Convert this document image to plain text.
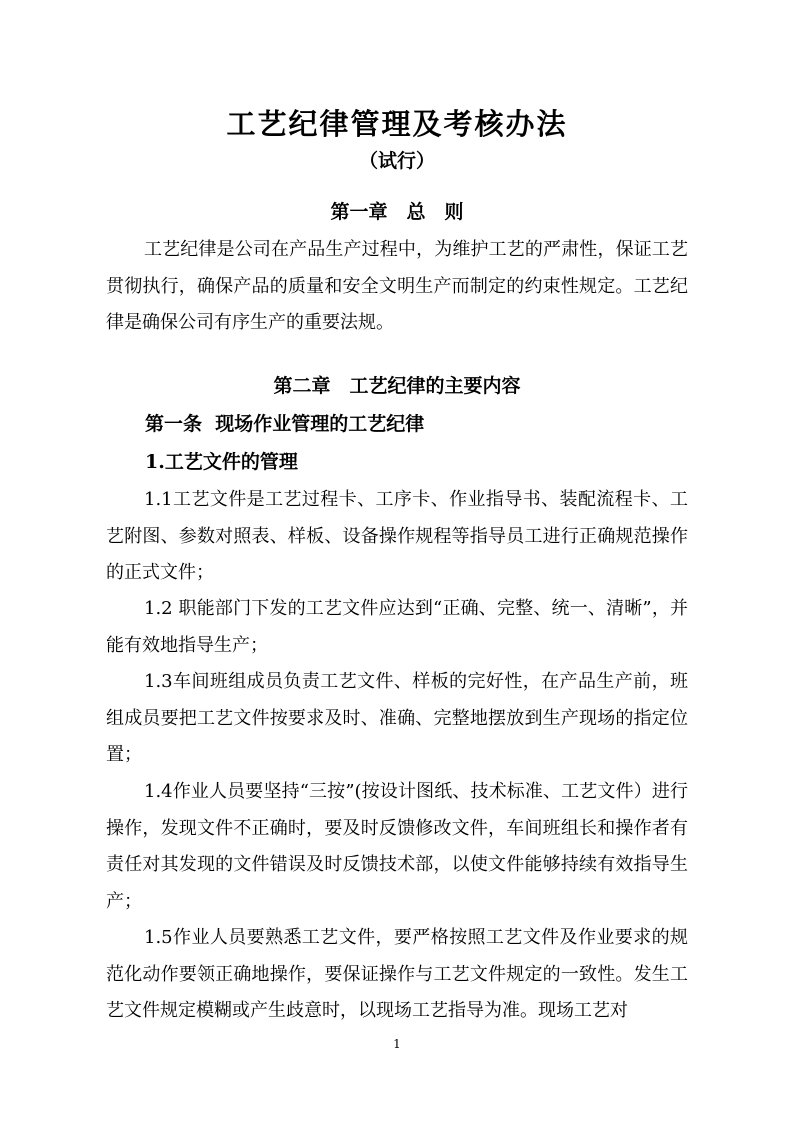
工艺纪律管理及考核办法
（试行）
第一章　总　则

工艺纪律是公司在产品生产过程中，为维护工艺的严肃性，保证工艺贯彻执行，确保产品的质量和安全文明生产而制定的约束性规定。工艺纪律是确保公司有序生产的重要法规。

第二章　工艺纪律的主要内容
第一条  现场作业管理的工艺纪律
1.工艺文件的管理

1.1工艺文件是工艺过程卡、工序卡、作业指导书、装配流程卡、工艺附图、参数对照表、样板、设备操作规程等指导员工进行正确规范操作的正式文件；

1.2 职能部门下发的工艺文件应达到“正确、完整、统一、清晰”，并能有效地指导生产；

1.3车间班组成员负责工艺文件、样板的完好性，在产品生产前，班组成员要把工艺文件按要求及时、准确、完整地摆放到生产现场的指定位置；

1.4作业人员要坚持“三按”(按设计图纸、技术标准、工艺文件）进行操作，发现文件不正确时，要及时反馈修改文件，车间班组长和操作者有责任对其发现的文件错误及时反馈技术部，以使文件能够持续有效指导生产；

1.5作业人员要熟悉工艺文件，要严格按照工艺文件及作业要求的规范化动作要领正确地操作，要保证操作与工艺文件规定的一致性。发生工艺文件规定模糊或产生歧意时，以现场工艺指导为准。现场工艺对

1
